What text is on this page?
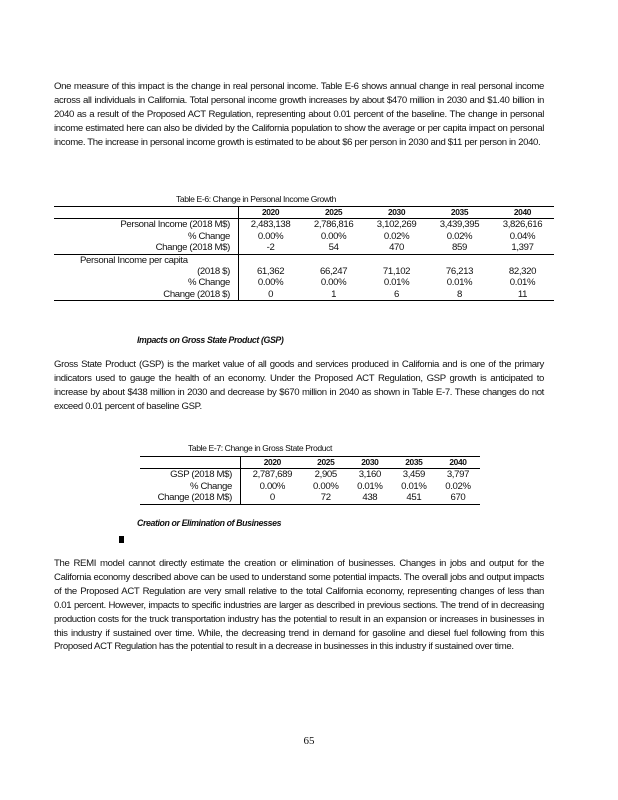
One measure of this impact is the change in real personal income. Table E-6 shows annual change in real personal income across all individuals in California. Total personal income growth increases by about $470 million in 2030 and $1.40 billion in 2040 as a result of the Proposed ACT Regulation, representing about 0.01 percent of the baseline. The change in personal income estimated here can also be divided by the California population to show the average or per capita impact on personal income. The increase in personal income growth is estimated to be about $6 per person in 2030 and $11 per person in 2040.

Table E-6: Change in Personal Income Growth

	2020	2025	2030	2035	2040
Personal Income (2018 M$)	2,483,138	2,786,816	3,102,269	3,439,395	3,826,616
% Change	0.00%	0.00%	0.02%	0.02%	0.04%
Change (2018 M$)	-2	54	470	859	1,397
Personal Income per capita					
(2018 $)	61,362	66,247	71,102	76,213	82,320
% Change	0.00%	0.00%	0.01%	0.01%	0.01%
Change (2018 $)	0	1	6	8	11

Impacts on Gross State Product (GSP)

Gross State Product (GSP) is the market value of all goods and services produced in California and is one of the primary indicators used to gauge the health of an economy. Under the Proposed ACT Regulation, GSP growth is anticipated to increase by about $438 million in 2030 and decrease by $670 million in 2040 as shown in Table E-7. These changes do not exceed 0.01 percent of baseline GSP.

Table E-7: Change in Gross State Product

	2020	2025	2030	2035	2040
GSP (2018 M$)	2,787,689	2,905	3,160	3,459	3,797
% Change	0.00%	0.00%	0.01%	0.01%	0.02%
Change (2018 M$)	0	72	438	451	670

Creation or Elimination of Businesses

The REMI model cannot directly estimate the creation or elimination of businesses. Changes in jobs and output for the California economy described above can be used to understand some potential impacts. The overall jobs and output impacts of the Proposed ACT Regulation are very small relative to the total California economy, representing changes of less than 0.01 percent. However, impacts to specific industries are larger as described in previous sections. The trend of in decreasing production costs for the truck transportation industry has the potential to result in an expansion or increases in businesses in this industry if sustained over time. While, the decreasing trend in demand for gasoline and diesel fuel following from this Proposed ACT Regulation has the potential to result in a decrease in businesses in this industry if sustained over time.

65
